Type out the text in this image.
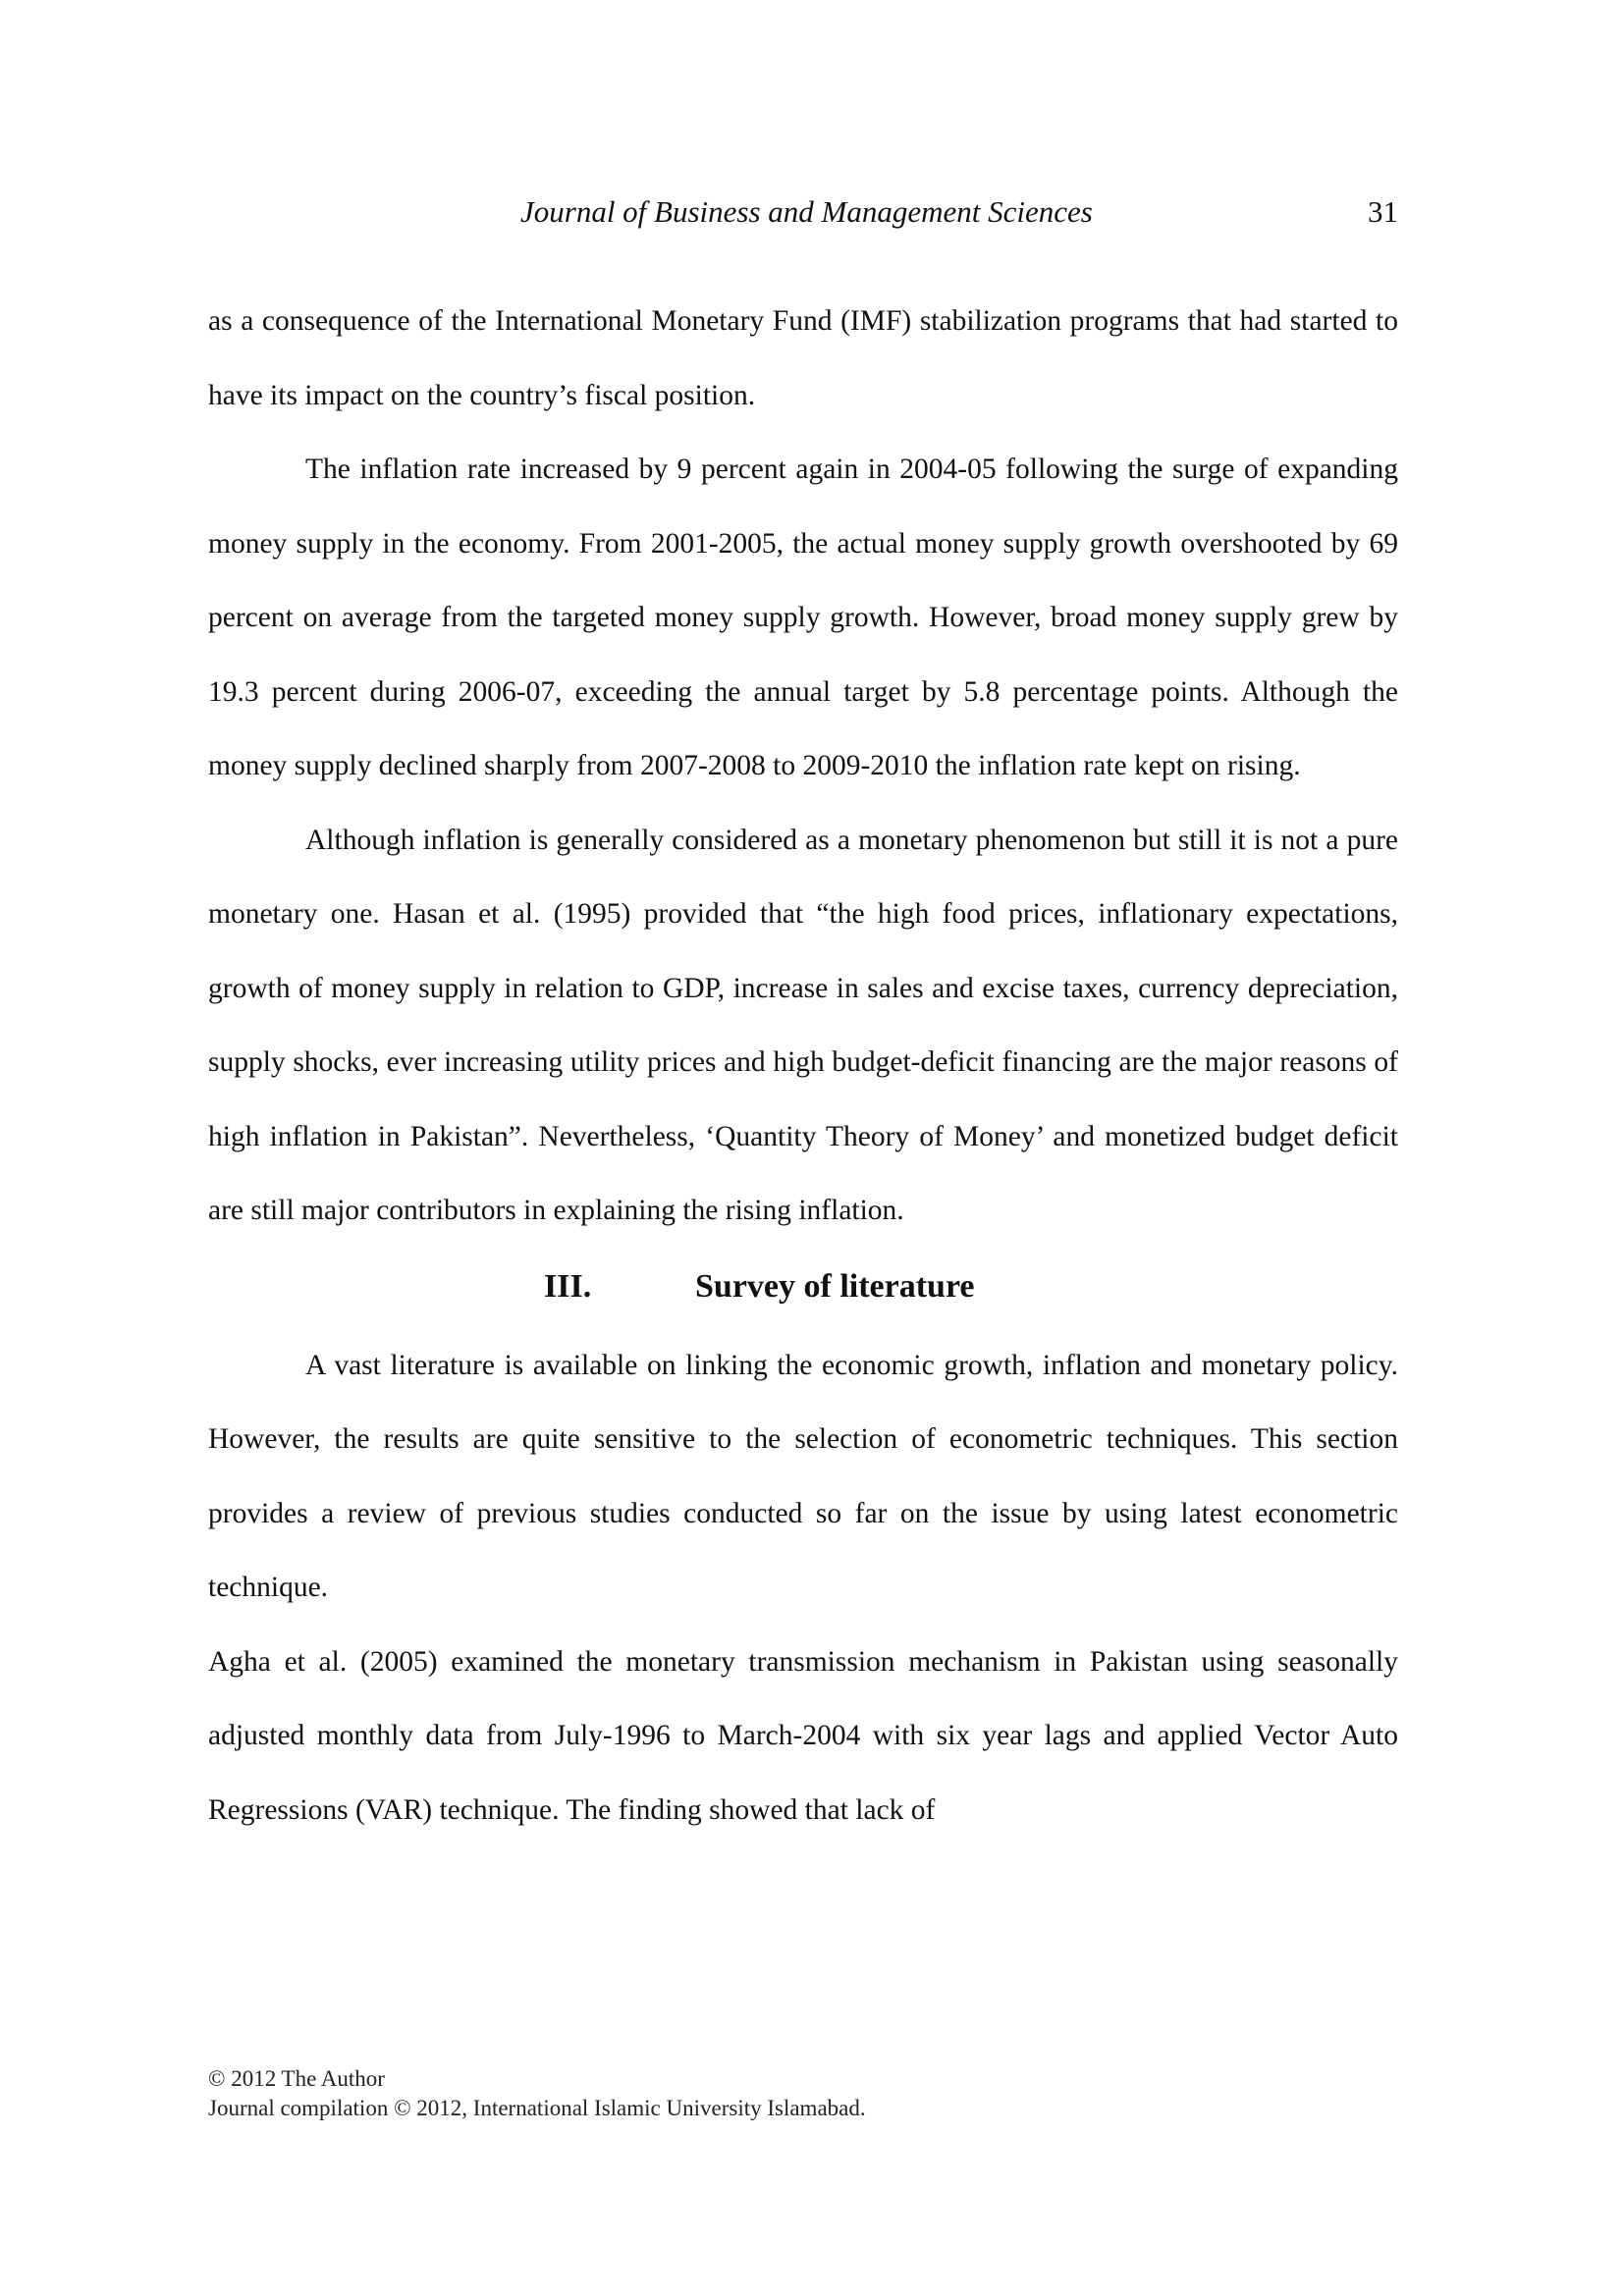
Journal of Business and Management Sciences	31

as a consequence of the International Monetary Fund (IMF) stabilization programs that had started to have its impact on the country’s fiscal position.

The inflation rate increased by 9 percent again in 2004-05 following the surge of expanding money supply in the economy. From 2001-2005, the actual money supply growth overshooted by 69 percent on average from the targeted money supply growth. However, broad money supply grew by 19.3 percent during 2006-07, exceeding the annual target by 5.8 percentage points. Although the money supply declined sharply from 2007-2008 to 2009-2010 the inflation rate kept on rising.

Although inflation is generally considered as a monetary phenomenon but still it is not a pure monetary one. Hasan et al. (1995) provided that “the high food prices, inflationary expectations, growth of money supply in relation to GDP, increase in sales and excise taxes, currency depreciation, supply shocks, ever increasing utility prices and high budget-deficit financing are the major reasons of high inflation in Pakistan”. Nevertheless, ‘Quantity Theory of Money’ and monetized budget deficit are still major contributors in explaining the rising inflation.

III.	Survey of literature

A vast literature is available on linking the economic growth, inflation and monetary policy. However, the results are quite sensitive to the selection of econometric techniques. This section provides a review of previous studies conducted so far on the issue by using latest econometric technique.

Agha et al. (2005) examined the monetary transmission mechanism in Pakistan using seasonally adjusted monthly data from July-1996 to March-2004 with six year lags and applied Vector Auto Regressions (VAR) technique. The finding showed that lack of

© 2012 The Author
Journal compilation © 2012, International Islamic University Islamabad.
